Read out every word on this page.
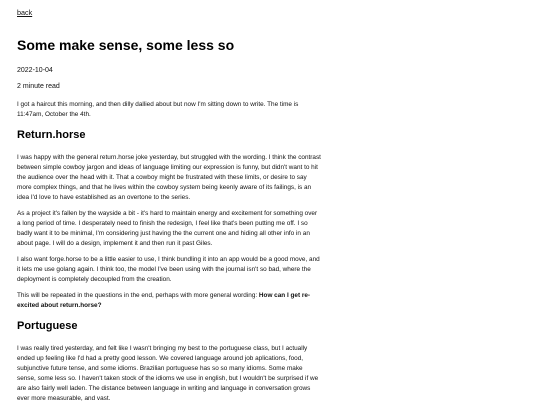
back
Some make sense, some less so
2022-10-04
2 minute read

I got a haircut this morning, and then dilly dallied about but now I'm sitting down to write. The time is 11:47am, October the 4th.

Return.horse

I was happy with the general return.horse joke yesterday, but struggled with the wording. I think the contrast between simple cowboy jargon and ideas of language limiting our expression is funny, but didn't want to hit the audience over the head with it. That a cowboy might be frustrated with these limits, or desire to say more complex things, and that he lives within the cowboy system being keenly aware of its failings, is an idea I'd love to have established as an overtone to the series.

As a project it's fallen by the wayside a bit - it's hard to maintain energy and excitement for something over a long period of time. I desperately need to finish the redesign, I feel like that's been putting me off. I so badly want it to be minimal, I'm considering just having the the current one and hiding all other info in an about page. I will do a design, implement it and then run it past Giles.

I also want forge.horse to be a little easier to use, I think bundling it into an app would be a good move, and it lets me use golang again. I think too, the model I've been using with the journal isn't so bad, where the deployment is completely decoupled from the creation.

This will be repeated in the questions in the end, perhaps with more general wording: How can I get re-excited about return.horse?

Portuguese

I was really tired yesterday, and felt like I wasn't bringing my best to the portuguese class, but I actually ended up feeling like I'd had a pretty good lesson. We covered language around job aplications, food, subjunctive future tense, and some idioms. Brazilian portuguese has so so many idioms. Some make sense, some less so. I haven't taken stock of the idioms we use in english, but I wouldn't be surprised if we are also fairly well laden. The distance between language in writing and language in conversation grows ever more measurable, and vast.
